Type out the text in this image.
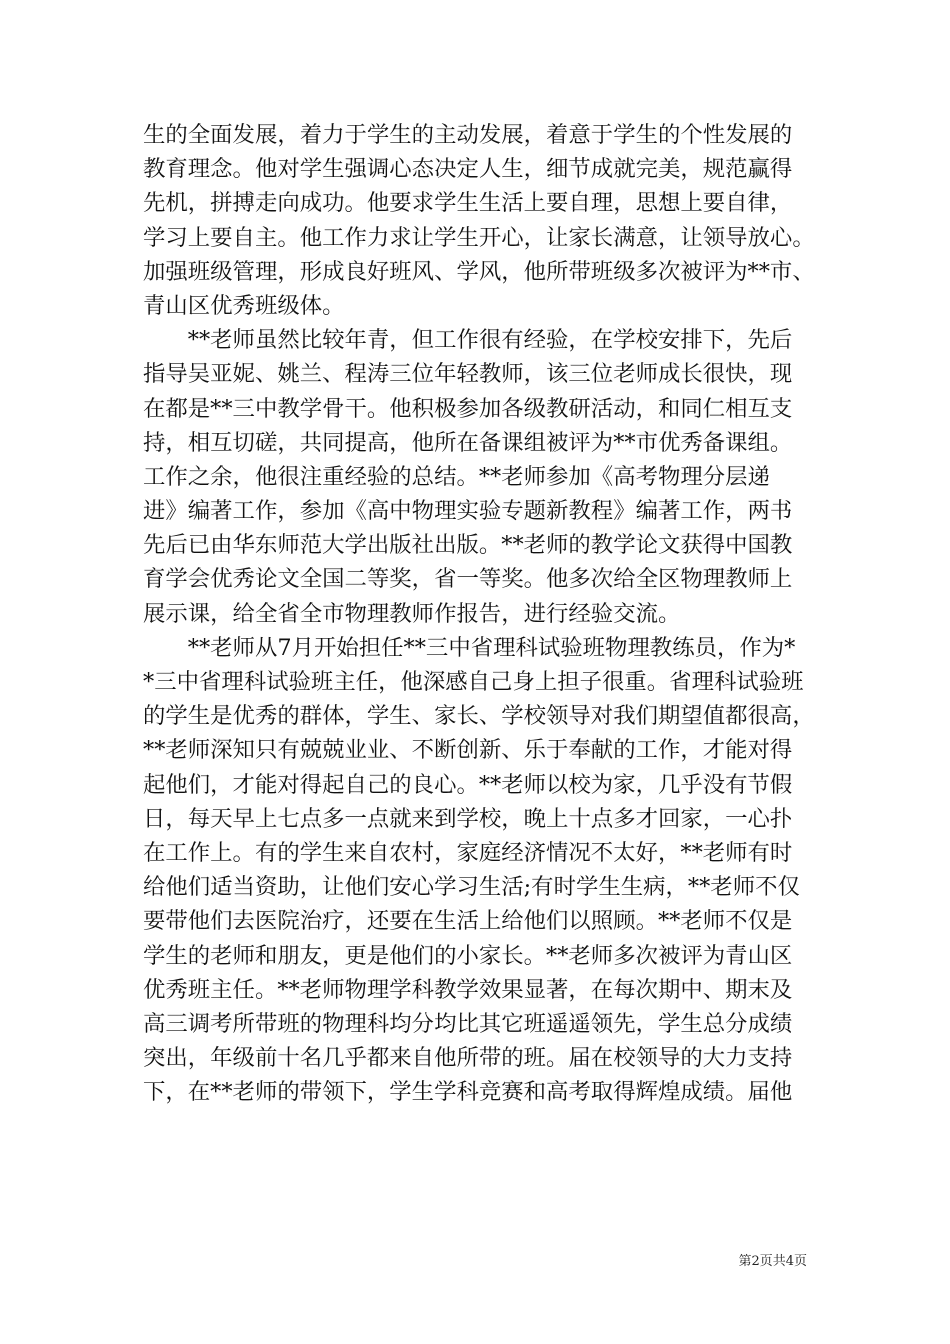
生的全面发展，着力于学生的主动发展，着意于学生的个性发展的
教育理念。他对学生强调心态决定人生，细节成就完美，规范赢得
先机，拼搏走向成功。他要求学生生活上要自理，思想上要自律，
学习上要自主。他工作力求让学生开心，让家长满意，让领导放心。
加强班级管理，形成良好班风、学风，他所带班级多次被评为**市、
青山区优秀班级体。
　　**老师虽然比较年青，但工作很有经验，在学校安排下，先后
指导吴亚妮、姚兰、程涛三位年轻教师，该三位老师成长很快，现
在都是**三中教学骨干。他积极参加各级教研活动，和同仁相互支
持，相互切磋，共同提高，他所在备课组被评为**市优秀备课组。
工作之余，他很注重经验的总结。**老师参加《高考物理分层递
进》编著工作，参加《高中物理实验专题新教程》编著工作，两书
先后已由华东师范大学出版社出版。**老师的教学论文获得中国教
育学会优秀论文全国二等奖，省一等奖。他多次给全区物理教师上
展示课，给全省全市物理教师作报告，进行经验交流。
　　**老师从7月开始担任**三中省理科试验班物理教练员，作为*
*三中省理科试验班主任，他深感自己身上担子很重。省理科试验班
的学生是优秀的群体，学生、家长、学校领导对我们期望值都很高，
**老师深知只有兢兢业业、不断创新、乐于奉献的工作，才能对得
起他们，才能对得起自己的良心。**老师以校为家，几乎没有节假
日，每天早上七点多一点就来到学校，晚上十点多才回家，一心扑
在工作上。有的学生来自农村，家庭经济情况不太好，**老师有时
给他们适当资助，让他们安心学习生活;有时学生生病，**老师不仅
要带他们去医院治疗，还要在生活上给他们以照顾。**老师不仅是
学生的老师和朋友，更是他们的小家长。**老师多次被评为青山区
优秀班主任。**老师物理学科教学效果显著，在每次期中、期末及
高三调考所带班的物理科均分均比其它班遥遥领先，学生总分成绩
突出，年级前十名几乎都来自他所带的班。届在校领导的大力支持
下，在**老师的带领下，学生学科竞赛和高考取得辉煌成绩。届他
第2页共4页
